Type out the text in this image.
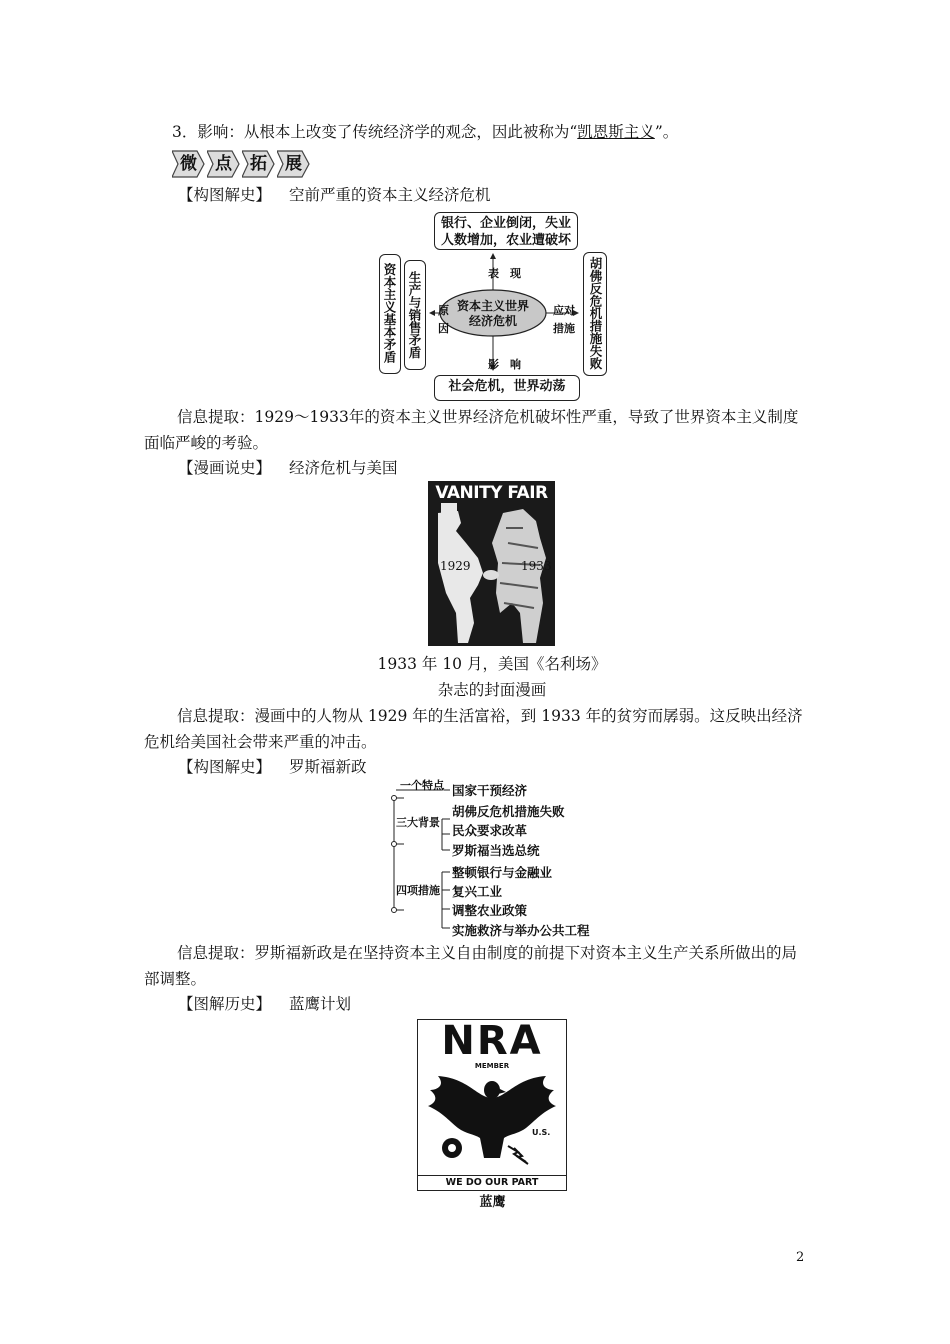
3．影响：从根本上改变了传统经济学的观念，因此被称为“凯恩斯主义”。
微	点	拓	展
【构图解史】 空前严重的资本主义经济危机
资本主义世界
经济危机
银行、企业倒闭，失业
人数增加，农业遭破坏
社会危机，世界动荡
资本主义基本矛盾 生产与销售矛盾	胡佛反危机措施失败
表　现
影　响
原
因
应对
措施
信息提取：1929～1933年的资本主义世界经济危机破坏性严重，导致了世界资本主义制度面临严峻的考验。
【漫画说史】 经济危机与美国
VANITY FAIR
1929	1933
1933 年 10 月，美国《名利场》
杂志的封面漫画
信息提取：漫画中的人物从 1929 年的生活富裕，到 1933 年的贫穷而孱弱。这反映出经济危机给美国社会带来严重的冲击。
【构图解史】 罗斯福新政
一个特点 国家干预经济
三大背景
胡佛反危机措施失败
民众要求改革
罗斯福当选总统
四项措施
整顿银行与金融业
复兴工业
调整农业政策
实施救济与举办公共工程
信息提取：罗斯福新政是在坚持资本主义自由制度的前提下对资本主义生产关系所做出的局部调整。
【图解历史】 蓝鹰计划
NRA
MEMBER
U.S.
WE DO OUR PART
蓝鹰
2
